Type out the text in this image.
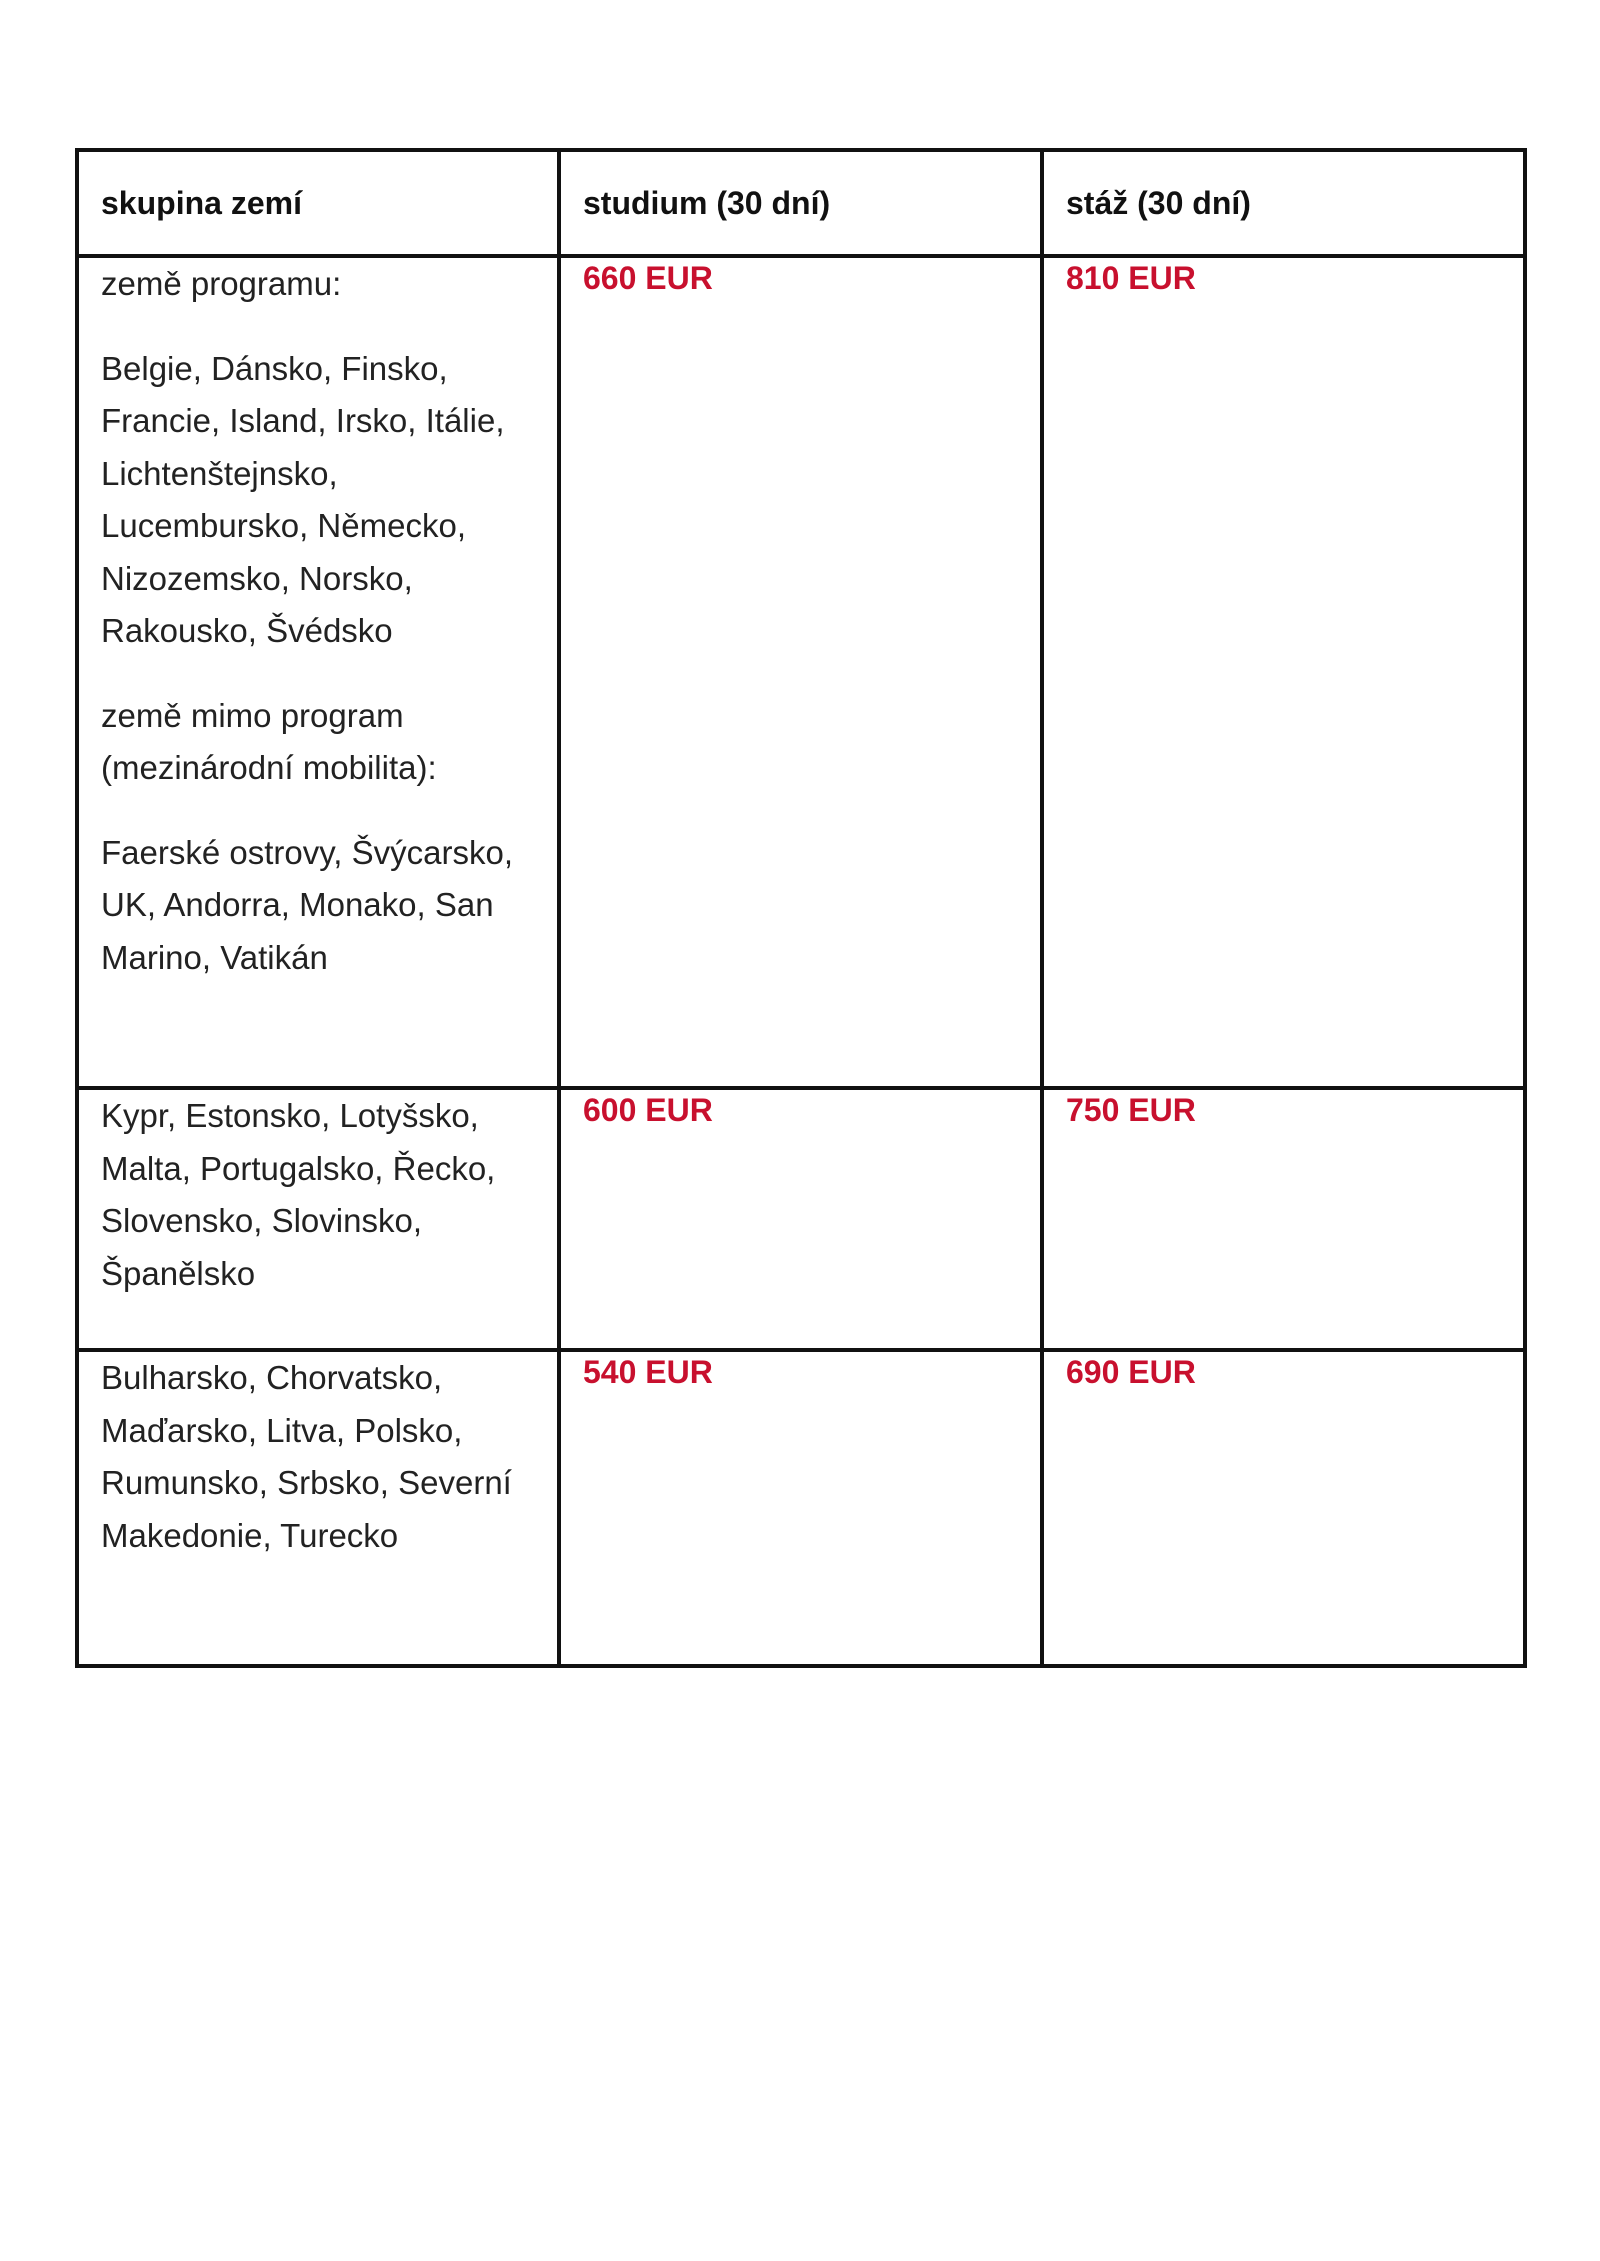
skupina zemí	studium (30 dní)	stáž (30 dní)

země programu:

Belgie, Dánsko, Finsko, Francie, Island, Irsko, Itálie, Lichtenštejnsko, Lucembursko, Německo, Nizozemsko, Norsko, Rakousko, Švédsko

země mimo program (mezinárodní mobilita):

Faerské ostrovy, Švýcarsko, UK, Andorra, Monako, San Marino, Vatikán	660 EUR	810 EUR

Kypr, Estonsko, Lotyšsko, Malta, Portugalsko, Řecko, Slovensko, Slovinsko, Španělsko	600 EUR	750 EUR

Bulharsko, Chorvatsko, Maďarsko, Litva, Polsko, Rumunsko, Srbsko, Severní Makedonie, Turecko	540 EUR	690 EUR
